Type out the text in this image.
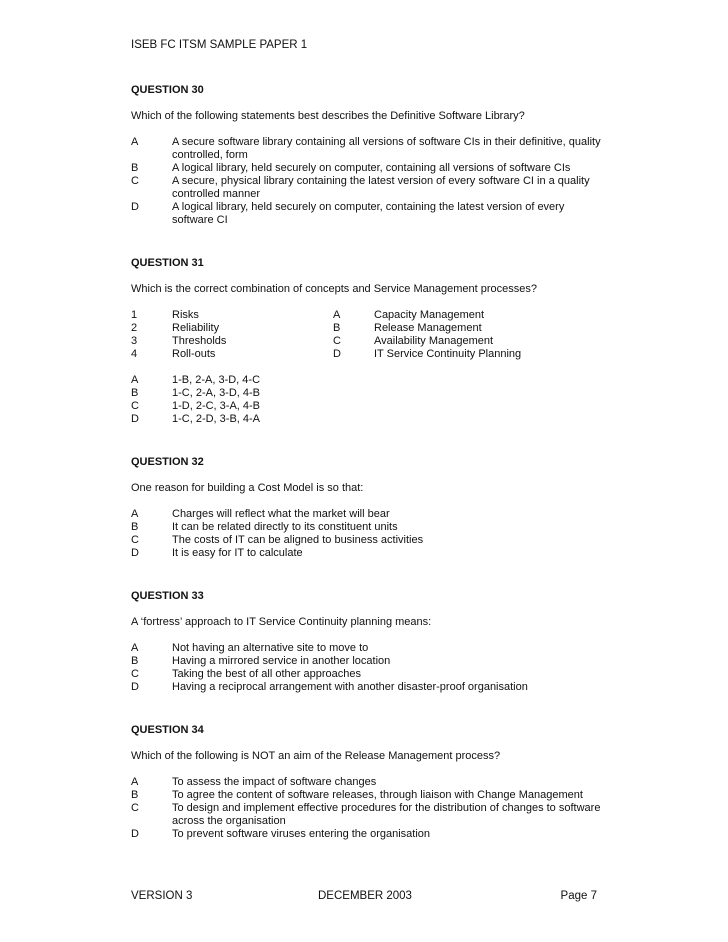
ISEB FC ITSM SAMPLE PAPER 1
QUESTION 30
Which of the following statements best describes the Definitive Software Library?
A	A secure software library containing all versions of software CIs in their definitive, quality controlled, form
B	A logical library, held securely on computer, containing all versions of software CIs
C	A secure, physical library containing the latest version of every software CI in a quality controlled manner
D	A logical library, held securely on computer, containing the latest version of every software CI
QUESTION 31
Which is the correct combination of concepts and Service Management processes?
1	Risks	A	Capacity Management
2	Reliability	B	Release Management
3	Thresholds	C	Availability Management
4	Roll-outs	D	IT Service Continuity Planning
A	1-B, 2-A, 3-D, 4-C
B	1-C, 2-A, 3-D, 4-B
C	1-D, 2-C, 3-A, 4-B
D	1-C, 2-D, 3-B, 4-A
QUESTION 32
One reason for building a Cost Model is so that:
A	Charges will reflect what the market will bear
B	It can be related directly to its constituent units
C	The costs of IT can be aligned to business activities
D	It is easy for IT to calculate
QUESTION 33
A ‘fortress’ approach to IT Service Continuity planning means:
A	Not having an alternative site to move to
B	Having a mirrored service in another location
C	Taking the best of all other approaches
D	Having a reciprocal arrangement with another disaster-proof organisation
QUESTION 34
Which of the following is NOT an aim of the Release Management process?
A	To assess the impact of software changes
B	To agree the content of software releases, through liaison with Change Management
C	To design and implement effective procedures for the distribution of changes to software across the organisation
D	To prevent software viruses entering the organisation
VERSION 3	DECEMBER 2003	Page 7
